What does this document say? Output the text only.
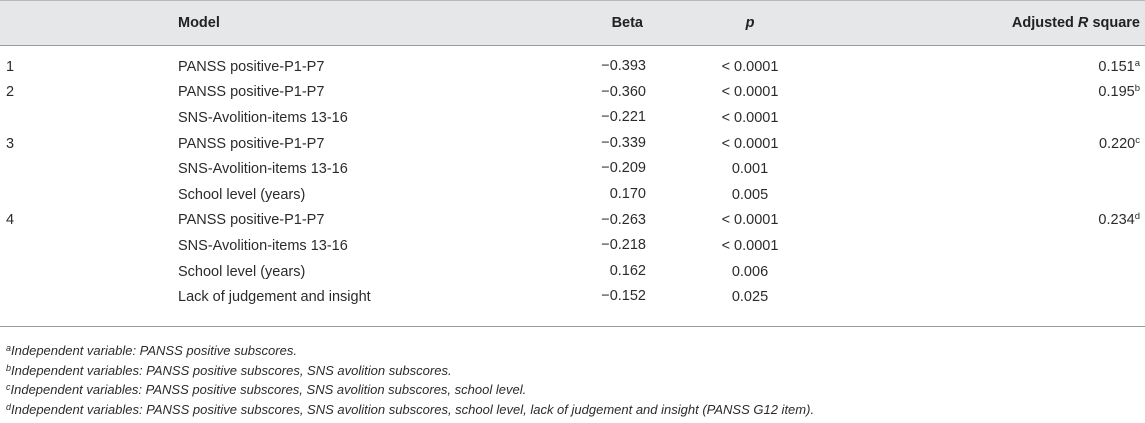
	Model	Beta	p	Adjusted R square
1	PANSS positive-P1-P7	−0.393	< 0.0001	0.151$^a$
2	PANSS positive-P1-P7	−0.360	< 0.0001	0.195$^b$
	SNS-Avolition-items 13-16	−0.221	< 0.0001	
3	PANSS positive-P1-P7	−0.339	< 0.0001	0.220$^c$
	SNS-Avolition-items 13-16	−0.209	0.001	
	School level (years)	0.170	0.005	
4	PANSS positive-P1-P7	−0.263	< 0.0001	0.234$^d$
	SNS-Avolition-items 13-16	−0.218	< 0.0001	
	School level (years)	0.162	0.006	
	Lack of judgement and insight	−0.152	0.025	
$^a$Independent variable: PANSS positive subscores.
$^b$Independent variables: PANSS positive subscores, SNS avolition subscores.
$^c$Independent variables: PANSS positive subscores, SNS avolition subscores, school level.
$^d$Independent variables: PANSS positive subscores, SNS avolition subscores, school level, lack of judgement and insight (PANSS G12 item).
